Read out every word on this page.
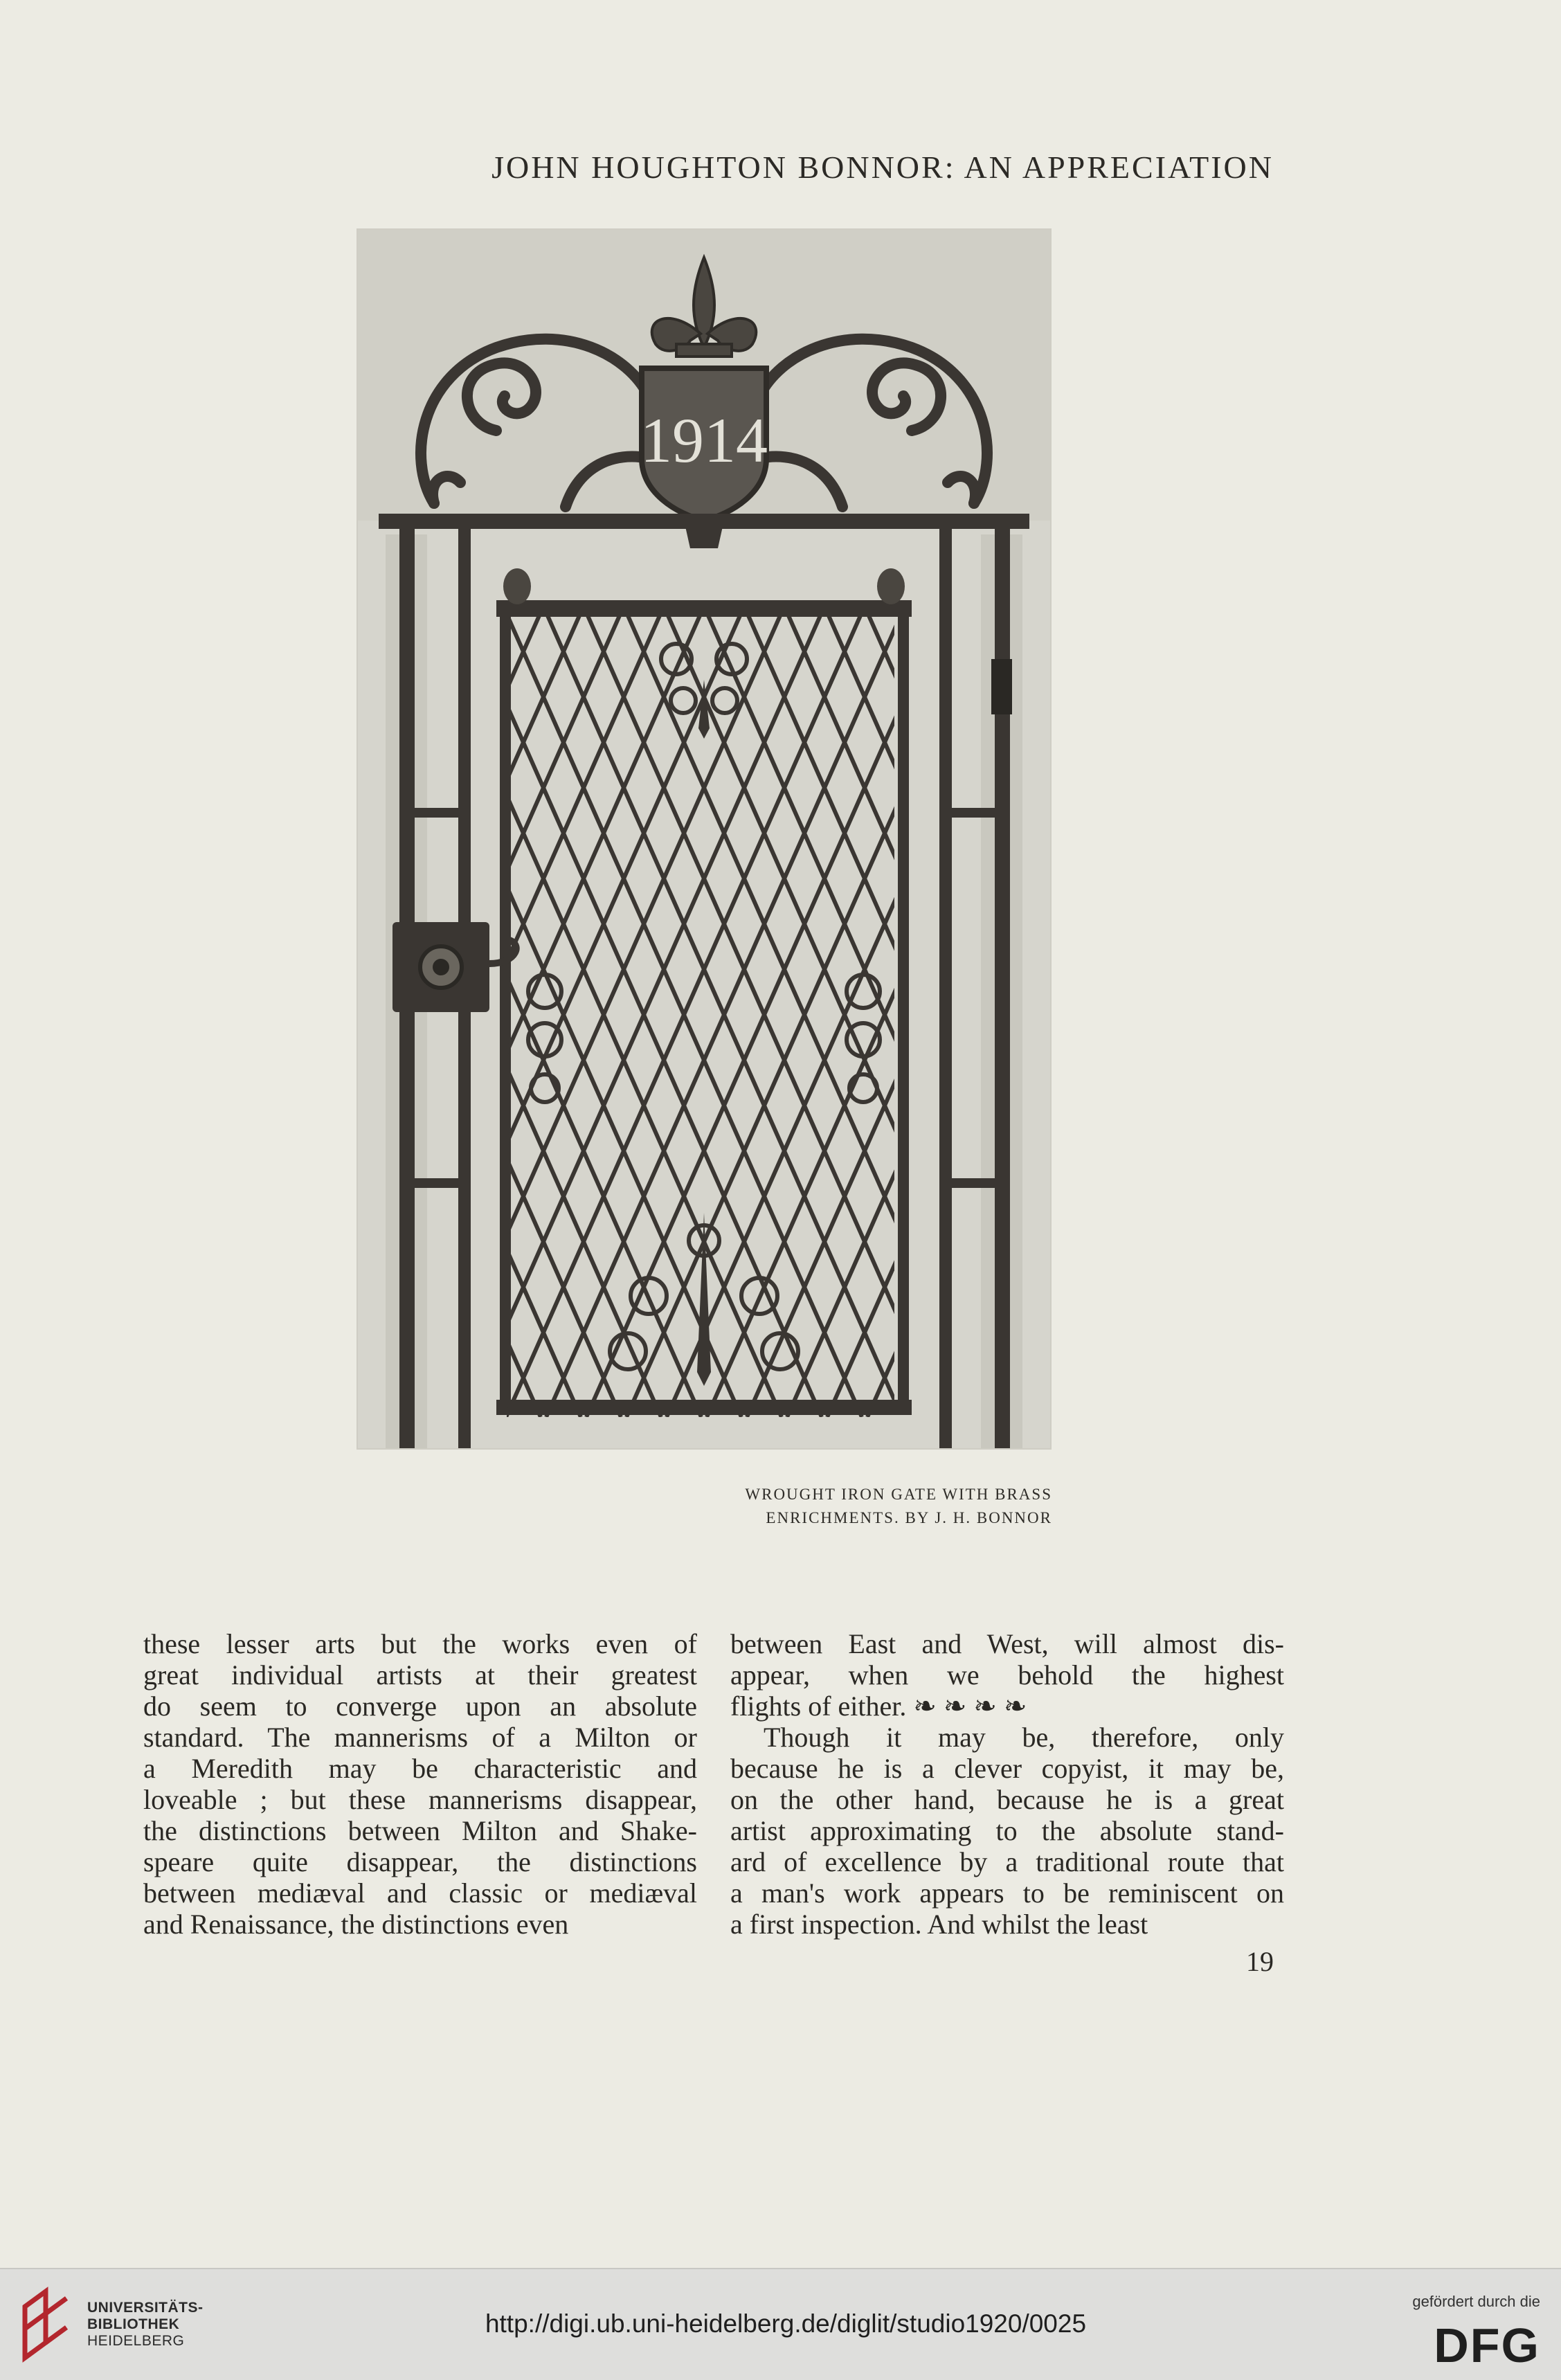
JOHN HOUGHTON BONNOR: AN APPRECIATION
1914
WROUGHT IRON GATE WITH BRASS
ENRICHMENTS. BY J. H. BONNOR
these lesser arts but the works even of
great individual artists at their greatest
do seem to converge upon an absolute
standard. The mannerisms of a Milton or
a Meredith may be characteristic and
loveable ; but these mannerisms disappear,
the distinctions between Milton and Shake-
speare quite disappear, the distinctions
between mediæval and classic or mediæval
and Renaissance, the distinctions even
between East and West, will almost dis-
appear, when we behold the highest
flights of either. ❧ ❧ ❧ ❧
Though it may be, therefore, only
because he is a clever copyist, it may be,
on the other hand, because he is a great
artist approximating to the absolute stand-
ard of excellence by a traditional route that
a man's work appears to be reminiscent on
a first inspection. And whilst the least
19
UNIVERSITÄTS-
BIBLIOTHEK
HEIDELBERG
http://digi.ub.uni-heidelberg.de/diglit/studio1920/0025
gefördert durch die
DFG
